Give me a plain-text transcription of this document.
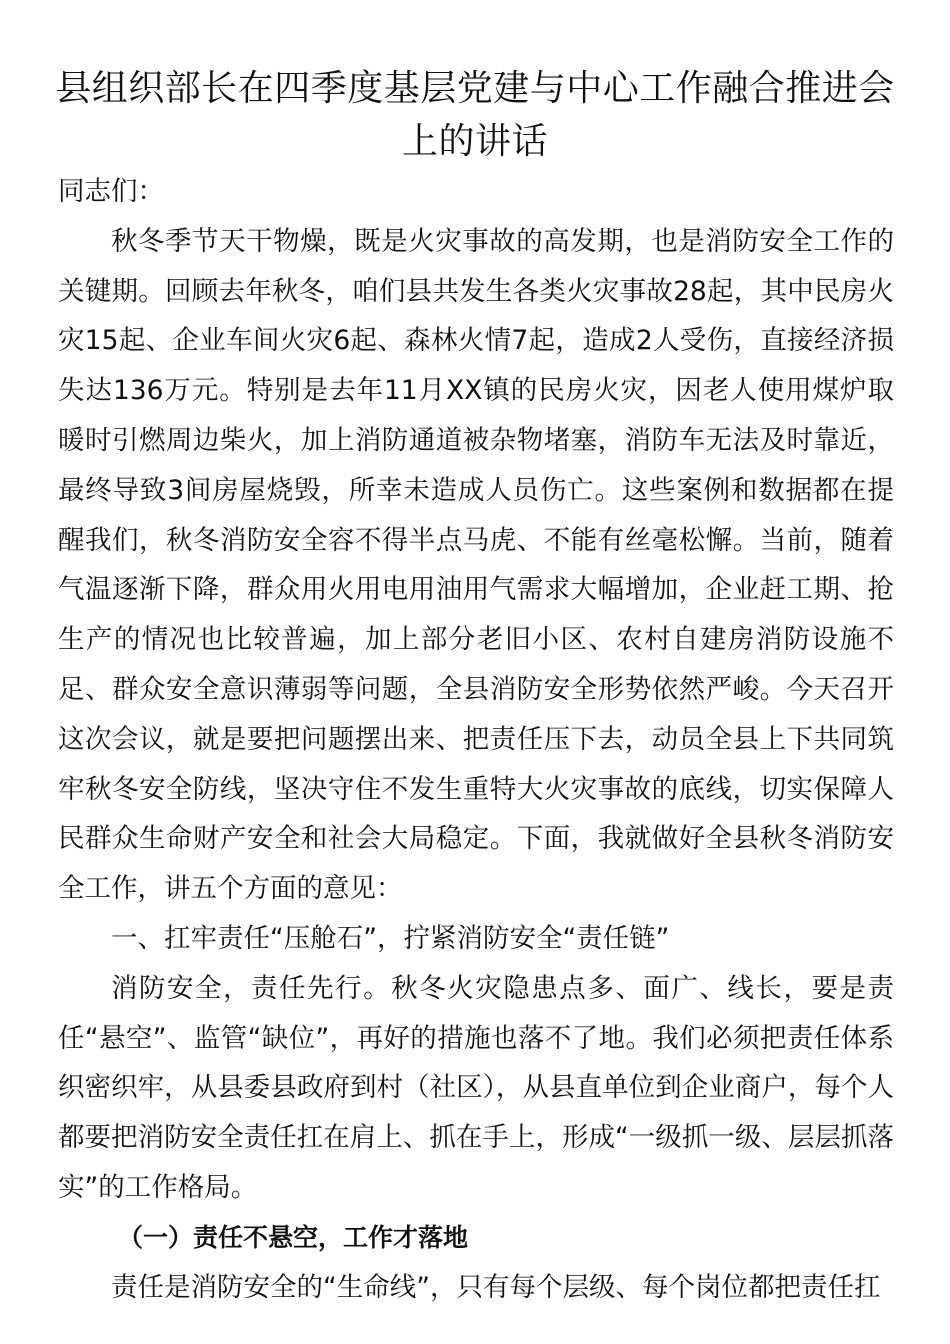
县组织部长在四季度基层党建与中心工作融合推进会上的讲话

同志们：

秋冬季节天干物燥，既是火灾事故的高发期，也是消防安全工作的关键期。回顾去年秋冬，咱们县共发生各类火灾事故28起，其中民房火灾15起、企业车间火灾6起、森林火情7起，造成2人受伤，直接经济损失达136万元。特别是去年11月XX镇的民房火灾，因老人使用煤炉取暖时引燃周边柴火，加上消防通道被杂物堵塞，消防车无法及时靠近，最终导致3间房屋烧毁，所幸未造成人员伤亡。这些案例和数据都在提醒我们，秋冬消防安全容不得半点马虎、不能有丝毫松懈。当前，随着气温逐渐下降，群众用火用电用油用气需求大幅增加，企业赶工期、抢生产的情况也比较普遍，加上部分老旧小区、农村自建房消防设施不足、群众安全意识薄弱等问题，全县消防安全形势依然严峻。今天召开这次会议，就是要把问题摆出来、把责任压下去，动员全县上下共同筑牢秋冬安全防线，坚决守住不发生重特大火灾事故的底线，切实保障人民群众生命财产安全和社会大局稳定。下面，我就做好全县秋冬消防安全工作，讲五个方面的意见：

一、扛牢责任“压舱石”，拧紧消防安全“责任链”

消防安全，责任先行。秋冬火灾隐患点多、面广、线长，要是责任“悬空”、监管“缺位”，再好的措施也落不了地。我们必须把责任体系织密织牢，从县委县政府到村（社区），从县直单位到企业商户，每个人都要把消防安全责任扛在肩上、抓在手上，形成“一级抓一级、层层抓落实”的工作格局。

（一）责任不悬空，工作才落地

责任是消防安全的“生命线”，只有每个层级、每个岗位都把责任扛
